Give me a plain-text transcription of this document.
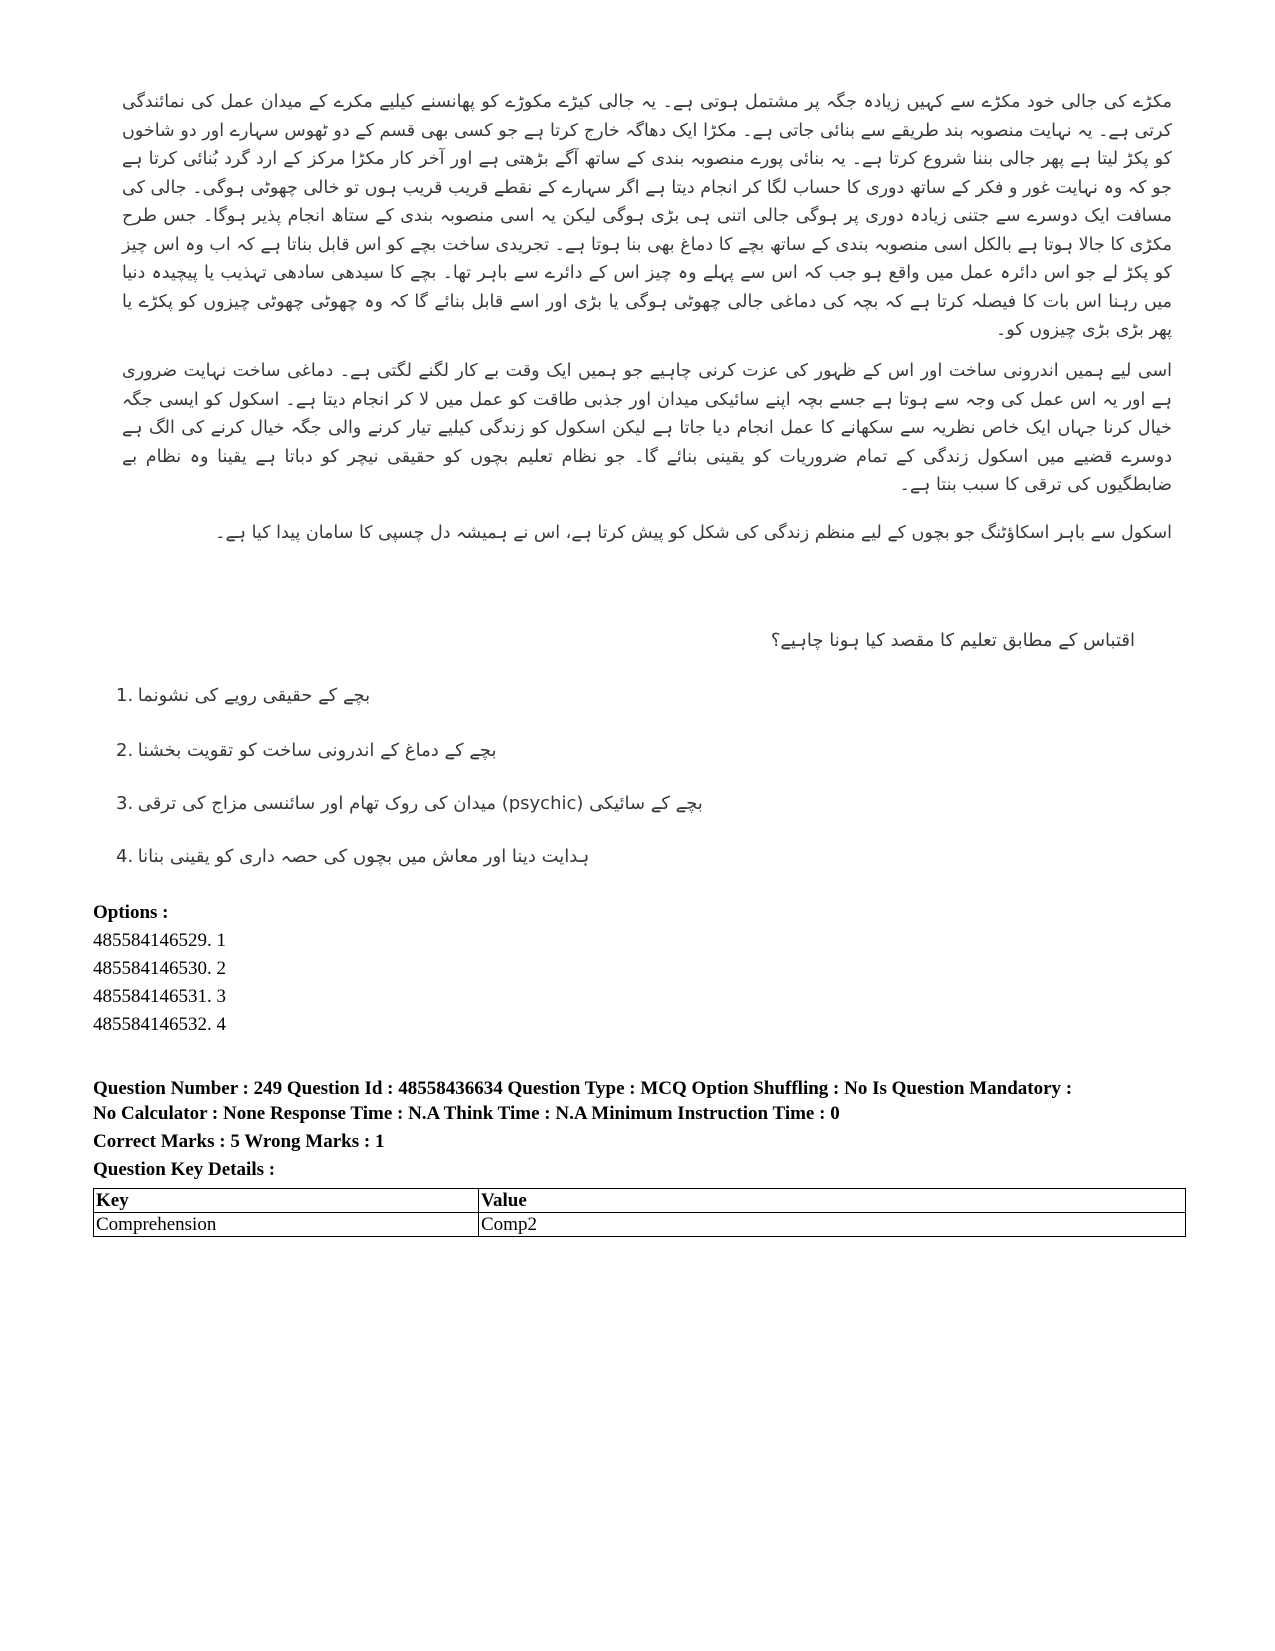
مکڑے کی جالی خود مکڑے سے کہیں زیادہ جگہ پر مشتمل ہوتی ہے۔ یہ جالی کیڑے مکوڑے کو پھانسنے کیلیے مکرے کے میدان عمل کی نمائندگی کرتی ہے۔ یہ نہایت منصوبہ بند طریقے سے بنائی جاتی ہے۔ مکڑا ایک دھاگہ خارج کرتا ہے جو کسی بھی قسم کے دو ٹھوس سہارے اور دو شاخوں کو پکڑ لیتا ہے پھر جالی بننا شروع کرتا ہے۔ یہ بنائی پورے منصوبہ بندی کے ساتھ آگے بڑھتی ہے اور آخر کار مکڑا مرکز کے ارد گرد بُنائی کرتا ہے جو کہ وہ نہایت غور و فکر کے ساتھ دوری کا حساب لگا کر انجام دیتا ہے اگر سہارے کے نقطے قریب قریب ہوں تو خالی چھوٹی ہوگی۔ جالی کی مسافت ایک دوسرے سے جتنی زیادہ دوری پر ہوگی جالی اتنی ہی بڑی ہوگی لیکن یہ اسی منصوبہ بندی کے ستاھ انجام پذیر ہوگا۔ جس طرح مکڑی کا جالا ہوتا ہے بالکل اسی منصوبہ بندی کے ساتھ بچے کا دماغ بھی بنا ہوتا ہے۔ تجریدی ساخت بچے کو اس قابل بناتا ہے کہ اب وہ اس چیز کو پکڑ لے جو اس دائرہ عمل میں واقع ہو جب کہ اس سے پہلے وہ چیز اس کے دائرے سے باہر تھا۔ بچے کا سیدھی سادھی تہذیب یا پیچیدہ دنیا میں رہنا اس بات کا فیصلہ کرتا ہے کہ بچہ کی دماغی جالی چھوٹی ہوگی یا بڑی اور اسے قابل بنائے گا کہ وہ چھوٹی چھوٹی چیزوں کو پکڑے یا پھر بڑی بڑی چیزوں کو۔
اسی لیے ہمیں اندرونی ساخت اور اس کے ظہور کی عزت کرنی چاہیے جو ہمیں ایک وقت بے کار لگنے لگتی ہے۔ دماغی ساخت نہایت ضروری ہے اور یہ اس عمل کی وجہ سے ہوتا ہے جسے بچہ اپنے سائیکی میدان اور جذبی طاقت کو عمل میں لا کر انجام دیتا ہے۔ اسکول کو ایسی جگہ خیال کرنا جہاں ایک خاص نظریہ سے سکھانے کا عمل انجام دیا جاتا ہے لیکن اسکول کو زندگی کیلیے تیار کرنے والی جگہ خیال کرنے کی الگ ہے دوسرے قضیے میں اسکول زندگی کے تمام ضروریات کو یقینی بنائے گا۔ جو نظام تعلیم بچوں کو حقیقی نیچر کو دباتا ہے یقینا وہ نظام بے ضابطگیوں کی ترقی کا سبب بنتا ہے۔
اسکول سے باہر اسکاؤٹنگ جو بچوں کے لیے منظم زندگی کی شکل کو پیش کرتا ہے، اس نے ہمیشہ دل چسپی کا سامان پیدا کیا ہے۔
اقتباس کے مطابق تعلیم کا مقصد کیا ہونا چاہیے؟
1. بچے کے حقیقی رویے کی نشونما
2. بچے کے دماغ کے اندرونی ساخت کو تقویت بخشنا
3. بچے کے سائیکی (psychic) میدان کی روک تھام اور سائنسی مزاج کی ترقی
4. ہدایت دینا اور معاش میں بچوں کی حصہ داری کو یقینی بنانا
Options :
485584146529. 1
485584146530. 2
485584146531. 3
485584146532. 4
Question Number : 249 Question Id : 48558436634 Question Type : MCQ Option Shuffling : No Is Question Mandatory :
No Calculator : None Response Time : N.A Think Time : N.A Minimum Instruction Time : 0
Correct Marks : 5 Wrong Marks : 1
Question Key Details :
Key	Value
Comprehension	Comp2
